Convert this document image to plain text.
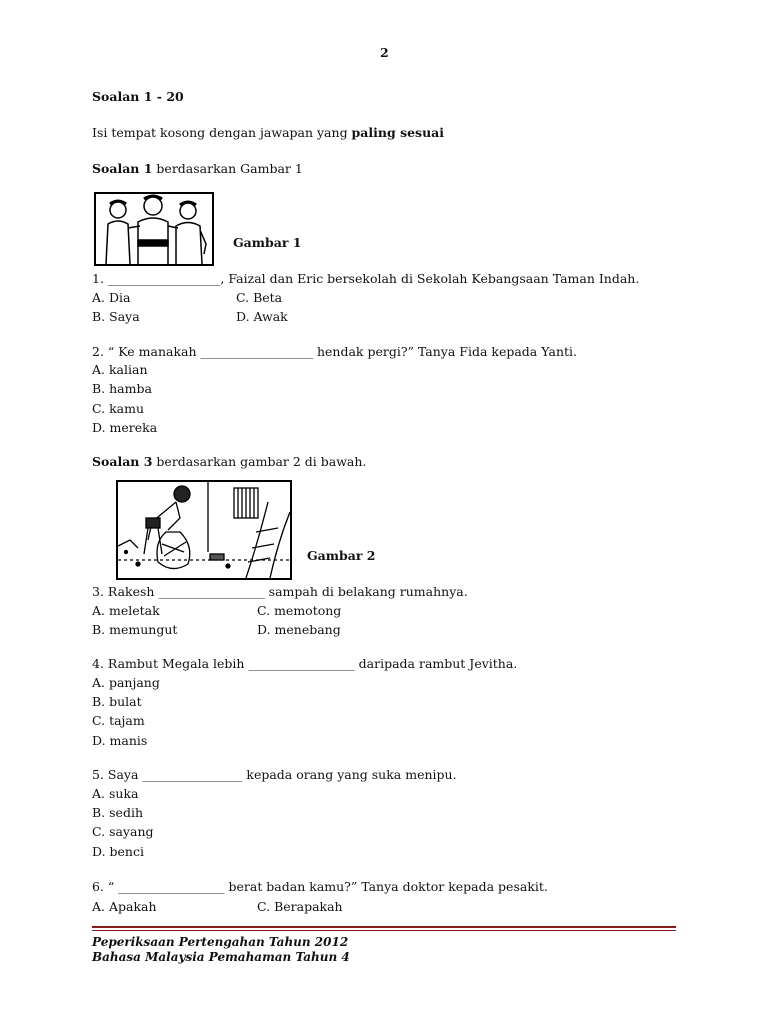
2
Soalan 1 - 20
Isi tempat kosong dengan jawapan yang paling sesuai
Soalan 1 berdasarkan Gambar 1
Gambar 1
1. __________________, Faizal dan Eric bersekolah di Sekolah Kebangsaan Taman Indah.
A. Dia	C. Beta
B. Saya	D. Awak
2. “ Ke manakah __________________ hendak pergi?” Tanya Fida kepada Yanti.
A. kalian
B. hamba
C. kamu
D. mereka
Soalan 3 berdasarkan gambar 2 di bawah.
Gambar 2
3. Rakesh _________________ sampah di belakang rumahnya.
A. meletak	C. memotong
B. memungut	D. menebang
4. Rambut Megala lebih _________________ daripada rambut Jevitha.
A. panjang
B. bulat
C. tajam
D. manis
5. Saya ________________ kepada orang yang suka menipu.
A. suka
B. sedih
C. sayang
D. benci
6. “ _________________ berat badan kamu?” Tanya doktor kepada pesakit.
A. Apakah	C. Berapakah
Peperiksaan Pertengahan Tahun 2012
Bahasa Malaysia Pemahaman Tahun 4
